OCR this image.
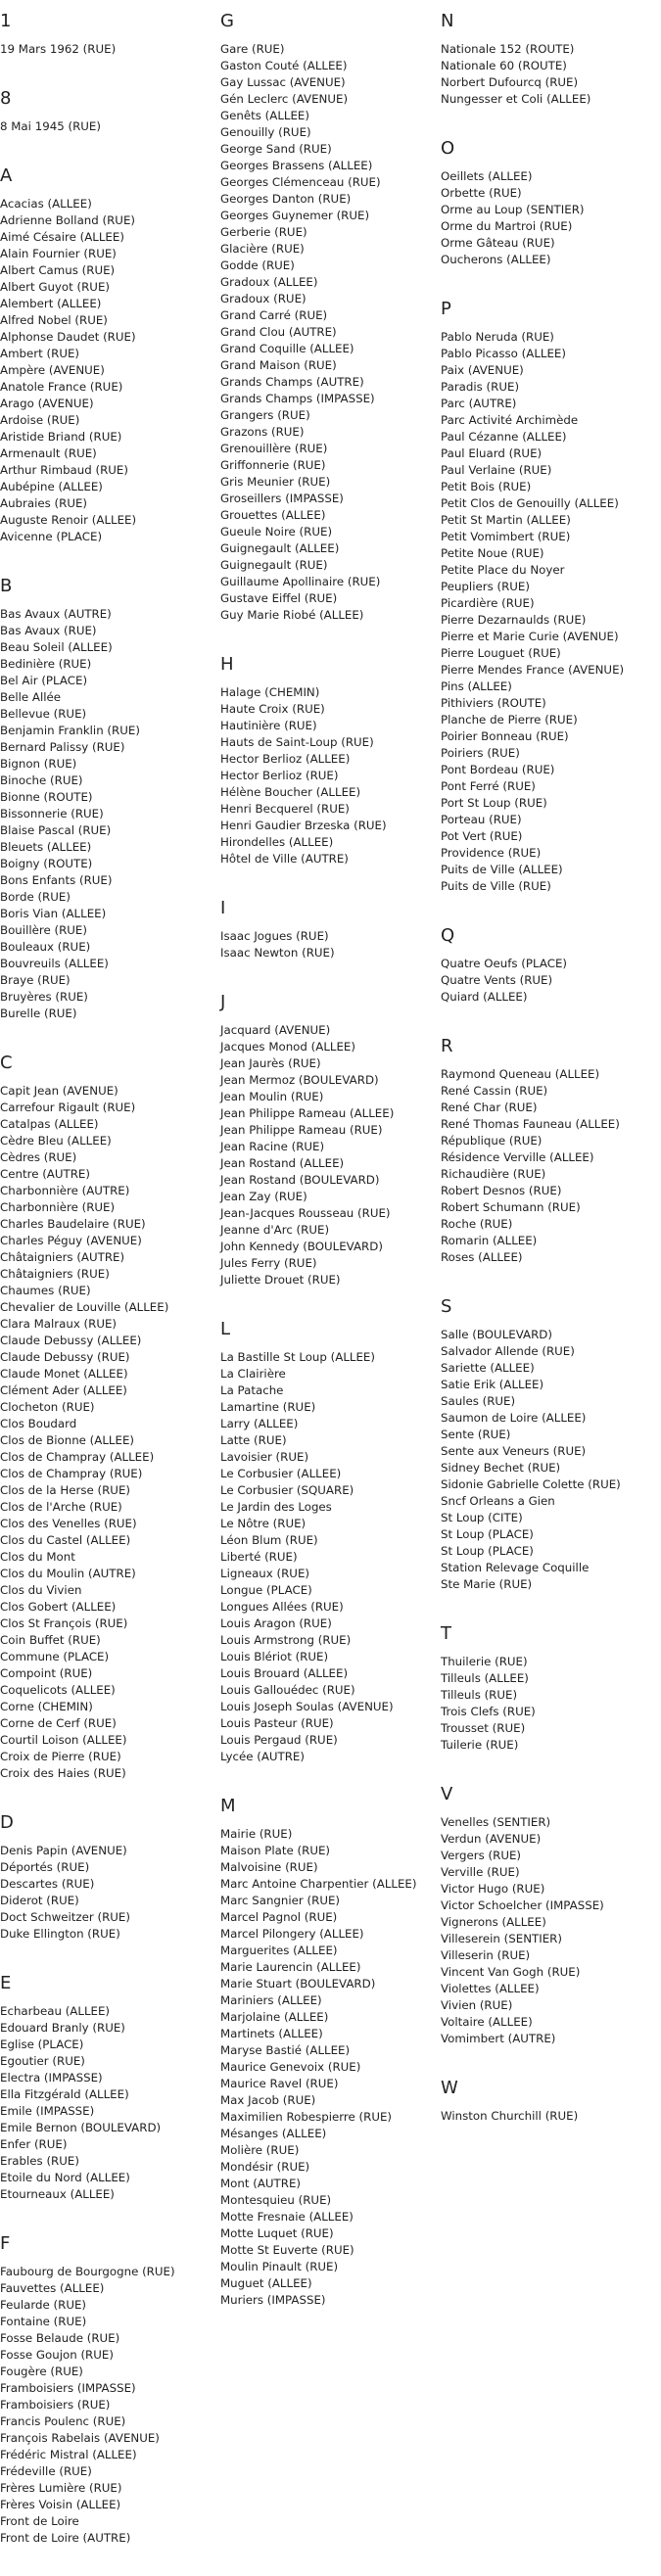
1
19 Mars 1962 (RUE)
8
8 Mai 1945 (RUE)
A
Acacias (ALLEE)
Adrienne Bolland (RUE)
Aimé Césaire (ALLEE)
Alain Fournier (RUE)
Albert Camus (RUE)
Albert Guyot (RUE)
Alembert (ALLEE)
Alfred Nobel (RUE)
Alphonse Daudet (RUE)
Ambert (RUE)
Ampère (AVENUE)
Anatole France (RUE)
Arago (AVENUE)
Ardoise (RUE)
Aristide Briand (RUE)
Armenault (RUE)
Arthur Rimbaud (RUE)
Aubépine (ALLEE)
Aubraies (RUE)
Auguste Renoir (ALLEE)
Avicenne (PLACE)
B
Bas Avaux (AUTRE)
Bas Avaux (RUE)
Beau Soleil (ALLEE)
Bedinière (RUE)
Bel Air (PLACE)
Belle Allée
Bellevue (RUE)
Benjamin Franklin (RUE)
Bernard Palissy (RUE)
Bignon (RUE)
Binoche (RUE)
Bionne (ROUTE)
Bissonnerie (RUE)
Blaise Pascal (RUE)
Bleuets (ALLEE)
Boigny (ROUTE)
Bons Enfants (RUE)
Borde (RUE)
Boris Vian (ALLEE)
Bouillère (RUE)
Bouleaux (RUE)
Bouvreuils (ALLEE)
Braye (RUE)
Bruyères (RUE)
Burelle (RUE)
C
Capit Jean (AVENUE)
Carrefour Rigault (RUE)
Catalpas (ALLEE)
Cèdre Bleu (ALLEE)
Cèdres (RUE)
Centre (AUTRE)
Charbonnière (AUTRE)
Charbonnière (RUE)
Charles Baudelaire (RUE)
Charles Péguy (AVENUE)
Châtaigniers (AUTRE)
Châtaigniers (RUE)
Chaumes (RUE)
Chevalier de Louville (ALLEE)
Clara Malraux (RUE)
Claude Debussy (ALLEE)
Claude Debussy (RUE)
Claude Monet (ALLEE)
Clément Ader (ALLEE)
Clocheton (RUE)
Clos Boudard
Clos de Bionne (ALLEE)
Clos de Champray (ALLEE)
Clos de Champray (RUE)
Clos de la Herse (RUE)
Clos de l'Arche (RUE)
Clos des Venelles (RUE)
Clos du Castel (ALLEE)
Clos du Mont
Clos du Moulin (AUTRE)
Clos du Vivien
Clos Gobert (ALLEE)
Clos St François (RUE)
Coin Buffet (RUE)
Commune (PLACE)
Compoint (RUE)
Coquelicots (ALLEE)
Corne (CHEMIN)
Corne de Cerf (RUE)
Courtil Loison (ALLEE)
Croix de Pierre (RUE)
Croix des Haies (RUE)
D
Denis Papin (AVENUE)
Déportés (RUE)
Descartes (RUE)
Diderot (RUE)
Doct Schweitzer (RUE)
Duke Ellington (RUE)
E
Echarbeau (ALLEE)
Edouard Branly (RUE)
Eglise (PLACE)
Egoutier (RUE)
Electra (IMPASSE)
Ella Fitzgérald (ALLEE)
Emile (IMPASSE)
Emile Bernon (BOULEVARD)
Enfer (RUE)
Erables (RUE)
Etoile du Nord (ALLEE)
Etourneaux (ALLEE)
F
Faubourg de Bourgogne (RUE)
Fauvettes (ALLEE)
Feularde (RUE)
Fontaine (RUE)
Fosse Belaude (RUE)
Fosse Goujon (RUE)
Fougère (RUE)
Framboisiers (IMPASSE)
Framboisiers (RUE)
Francis Poulenc (RUE)
François Rabelais (AVENUE)
Frédéric Mistral (ALLEE)
Frédeville (RUE)
Frères Lumière (RUE)
Frères Voisin (ALLEE)
Front de Loire
Front de Loire (AUTRE)
G
Gare (RUE)
Gaston Couté (ALLEE)
Gay Lussac (AVENUE)
Gén Leclerc (AVENUE)
Genêts (ALLEE)
Genouilly (RUE)
George Sand (RUE)
Georges Brassens (ALLEE)
Georges Clémenceau (RUE)
Georges Danton (RUE)
Georges Guynemer (RUE)
Gerberie (RUE)
Glacière (RUE)
Godde (RUE)
Gradoux (ALLEE)
Gradoux (RUE)
Grand Carré (RUE)
Grand Clou (AUTRE)
Grand Coquille (ALLEE)
Grand Maison (RUE)
Grands Champs (AUTRE)
Grands Champs (IMPASSE)
Grangers (RUE)
Grazons (RUE)
Grenouillère (RUE)
Griffonnerie (RUE)
Gris Meunier (RUE)
Groseillers (IMPASSE)
Grouettes (ALLEE)
Gueule Noire (RUE)
Guignegault (ALLEE)
Guignegault (RUE)
Guillaume Apollinaire (RUE)
Gustave Eiffel (RUE)
Guy Marie Riobé (ALLEE)
H
Halage (CHEMIN)
Haute Croix (RUE)
Hautinière (RUE)
Hauts de Saint-Loup (RUE)
Hector Berlioz (ALLEE)
Hector Berlioz (RUE)
Hélène Boucher (ALLEE)
Henri Becquerel (RUE)
Henri Gaudier Brzeska (RUE)
Hirondelles (ALLEE)
Hôtel de Ville (AUTRE)
I
Isaac Jogues (RUE)
Isaac Newton (RUE)
J
Jacquard (AVENUE)
Jacques Monod (ALLEE)
Jean Jaurès (RUE)
Jean Mermoz (BOULEVARD)
Jean Moulin (RUE)
Jean Philippe Rameau (ALLEE)
Jean Philippe Rameau (RUE)
Jean Racine (RUE)
Jean Rostand (ALLEE)
Jean Rostand (BOULEVARD)
Jean Zay (RUE)
Jean-Jacques Rousseau (RUE)
Jeanne d'Arc (RUE)
John Kennedy (BOULEVARD)
Jules Ferry (RUE)
Juliette Drouet (RUE)
L
La Bastille St Loup (ALLEE)
La Clairière
La Patache
Lamartine (RUE)
Larry (ALLEE)
Latte (RUE)
Lavoisier (RUE)
Le Corbusier (ALLEE)
Le Corbusier (SQUARE)
Le Jardin des Loges
Le Nôtre (RUE)
Léon Blum (RUE)
Liberté (RUE)
Ligneaux (RUE)
Longue (PLACE)
Longues Allées (RUE)
Louis Aragon (RUE)
Louis Armstrong (RUE)
Louis Blériot (RUE)
Louis Brouard (ALLEE)
Louis Gallouédec (RUE)
Louis Joseph Soulas (AVENUE)
Louis Pasteur (RUE)
Louis Pergaud (RUE)
Lycée (AUTRE)
M
Mairie (RUE)
Maison Plate (RUE)
Malvoisine (RUE)
Marc Antoine Charpentier (ALLEE)
Marc Sangnier (RUE)
Marcel Pagnol (RUE)
Marcel Pilongery (ALLEE)
Marguerites (ALLEE)
Marie Laurencin (ALLEE)
Marie Stuart (BOULEVARD)
Mariniers (ALLEE)
Marjolaine (ALLEE)
Martinets (ALLEE)
Maryse Bastié (ALLEE)
Maurice Genevoix (RUE)
Maurice Ravel (RUE)
Max Jacob (RUE)
Maximilien Robespierre (RUE)
Mésanges (ALLEE)
Molière (RUE)
Mondésir (RUE)
Mont (AUTRE)
Montesquieu (RUE)
Motte Fresnaie (ALLEE)
Motte Luquet (RUE)
Motte St Euverte (RUE)
Moulin Pinault (RUE)
Muguet (ALLEE)
Muriers (IMPASSE)
N
Nationale 152 (ROUTE)
Nationale 60 (ROUTE)
Norbert Dufourcq (RUE)
Nungesser et Coli (ALLEE)
O
Oeillets (ALLEE)
Orbette (RUE)
Orme au Loup (SENTIER)
Orme du Martroi (RUE)
Orme Gâteau (RUE)
Oucherons (ALLEE)
P
Pablo Neruda (RUE)
Pablo Picasso (ALLEE)
Paix (AVENUE)
Paradis (RUE)
Parc (AUTRE)
Parc Activité Archimède
Paul Cézanne (ALLEE)
Paul Eluard (RUE)
Paul Verlaine (RUE)
Petit Bois (RUE)
Petit Clos de Genouilly (ALLEE)
Petit St Martin (ALLEE)
Petit Vomimbert (RUE)
Petite Noue (RUE)
Petite Place du Noyer
Peupliers (RUE)
Picardière (RUE)
Pierre Dezarnaulds (RUE)
Pierre et Marie Curie (AVENUE)
Pierre Louguet (RUE)
Pierre Mendes France (AVENUE)
Pins (ALLEE)
Pithiviers (ROUTE)
Planche de Pierre (RUE)
Poirier Bonneau (RUE)
Poiriers (RUE)
Pont Bordeau (RUE)
Pont Ferré (RUE)
Port St Loup (RUE)
Porteau (RUE)
Pot Vert (RUE)
Providence (RUE)
Puits de Ville (ALLEE)
Puits de Ville (RUE)
Q
Quatre Oeufs (PLACE)
Quatre Vents (RUE)
Quiard (ALLEE)
R
Raymond Queneau (ALLEE)
René Cassin (RUE)
René Char (RUE)
René Thomas Fauneau (ALLEE)
République (RUE)
Résidence Verville (ALLEE)
Richaudière (RUE)
Robert Desnos (RUE)
Robert Schumann (RUE)
Roche (RUE)
Romarin (ALLEE)
Roses (ALLEE)
S
Salle (BOULEVARD)
Salvador Allende (RUE)
Sariette (ALLEE)
Satie Erik (ALLEE)
Saules (RUE)
Saumon de Loire (ALLEE)
Sente (RUE)
Sente aux Veneurs (RUE)
Sidney Bechet (RUE)
Sidonie Gabrielle Colette (RUE)
Sncf Orleans a Gien
St Loup (CITE)
St Loup (PLACE)
St Loup (PLACE)
Station Relevage Coquille
Ste Marie (RUE)
T
Thuilerie (RUE)
Tilleuls (ALLEE)
Tilleuls (RUE)
Trois Clefs (RUE)
Trousset (RUE)
Tuilerie (RUE)
V
Venelles (SENTIER)
Verdun (AVENUE)
Vergers (RUE)
Verville (RUE)
Victor Hugo (RUE)
Victor Schoelcher (IMPASSE)
Vignerons (ALLEE)
Villeserein (SENTIER)
Villeserin (RUE)
Vincent Van Gogh (RUE)
Violettes (ALLEE)
Vivien (RUE)
Voltaire (ALLEE)
Vomimbert (AUTRE)
W
Winston Churchill (RUE)
